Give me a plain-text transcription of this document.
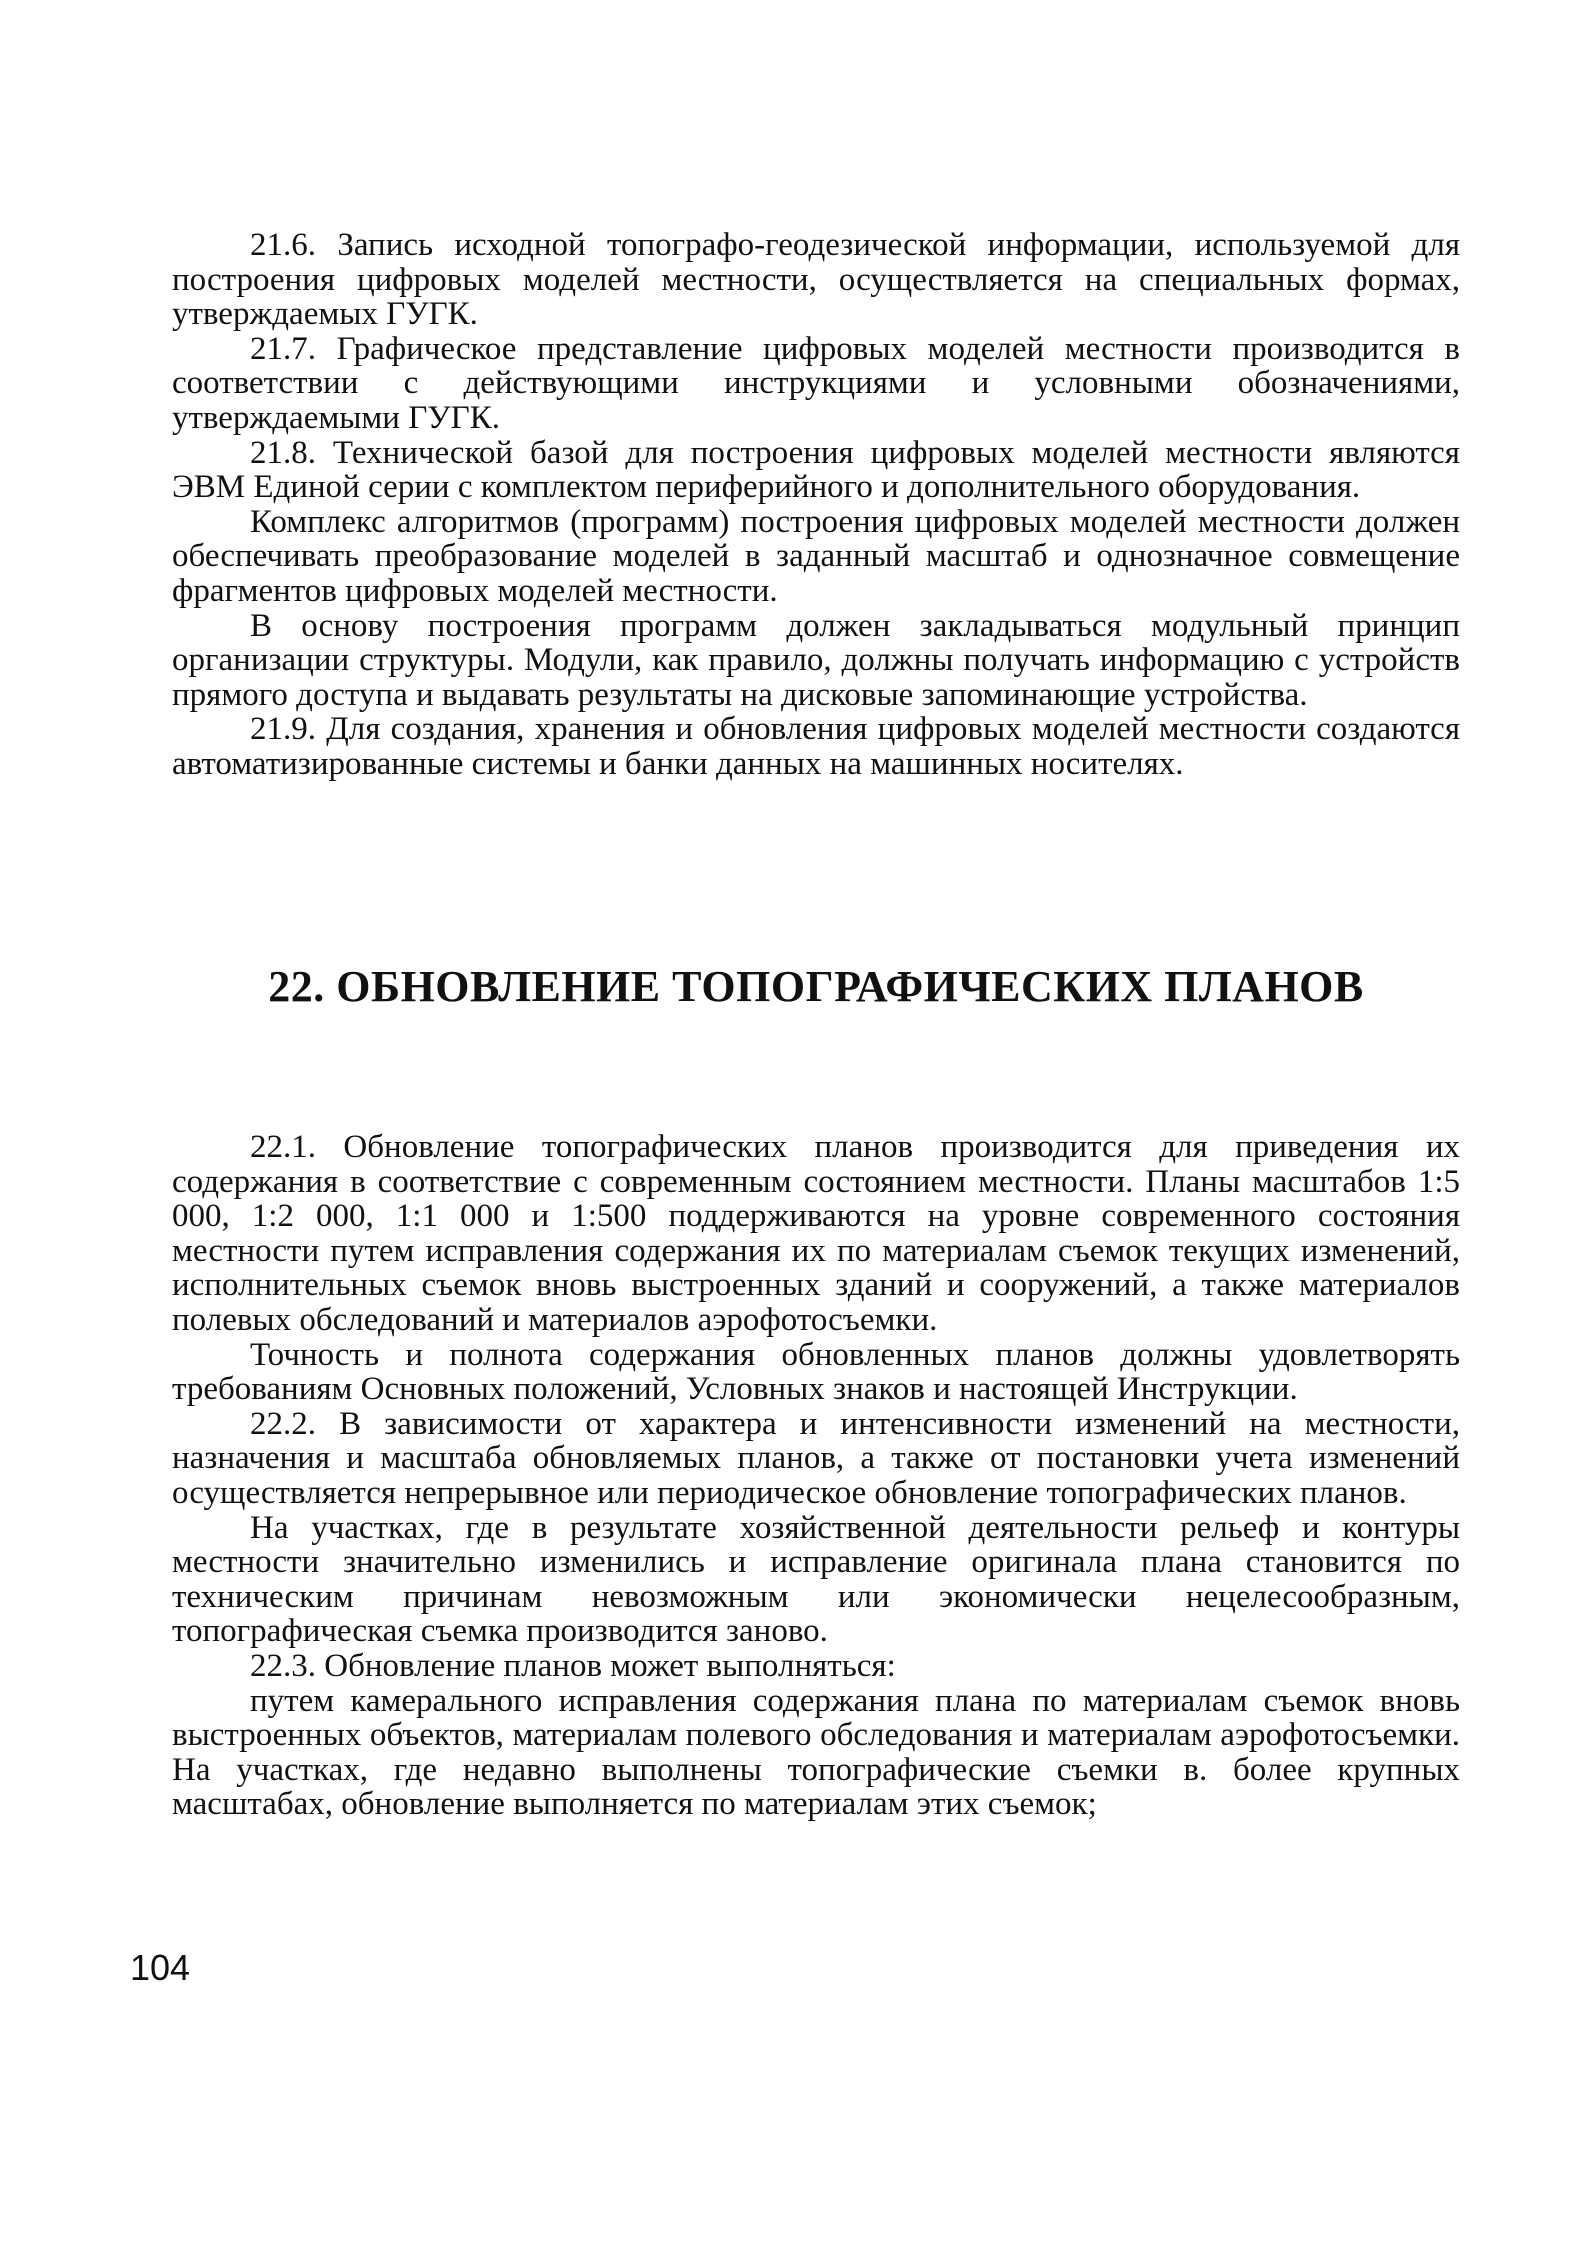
21.6. Запись исходной топографо-геодезической информации, используемой для построения цифровых моделей местности, осуществляется на специальных формах, утверждаемых ГУГК.

21.7. Графическое представление цифровых моделей местности производится в соответствии с действующими инструкциями и условными обозначениями, утверждаемыми ГУГК.

21.8. Технической базой для построения цифровых моделей местности являются ЭВМ Единой серии с комплектом периферийного и дополнительного оборудования.

Комплекс алгоритмов (программ) построения цифровых моделей местности должен обеспечивать преобразование моделей в заданный масштаб и однозначное совмещение фрагментов цифровых моделей местности.

В основу построения программ должен закладываться модульный принцип организации структуры. Модули, как правило, должны получать информацию с устройств прямого доступа и выдавать результаты на дисковые запоминающие устройства.

21.9. Для создания, хранения и обновления цифровых моделей местности создаются автоматизированные системы и банки данных на машинных носителях.

22. ОБНОВЛЕНИЕ ТОПОГРАФИЧЕСКИХ ПЛАНОВ

22.1. Обновление топографических планов производится для приведения их содержания в соответствие с современным состоянием местности. Планы масштабов 1:5 000, 1:2 000, 1:1 000 и 1:500 поддерживаются на уровне современного состояния местности путем исправления содержания их по материалам съемок текущих изменений, исполнительных съемок вновь выстроенных зданий и сооружений, а также материалов полевых обследований и материалов аэрофотосъемки.

Точность и полнота содержания обновленных планов должны удовлетворять требованиям Основных положений, Условных знаков и настоящей Инструкции.

22.2. В зависимости от характера и интенсивности изменений на местности, назначения и масштаба обновляемых планов, а также от постановки учета изменений осуществляется непрерывное или периодическое обновление топографических планов.

На участках, где в результате хозяйственной деятельности рельеф и контуры местности значительно изменились и исправление оригинала плана становится по техническим причинам невозможным или экономически нецелесообразным, топографическая съемка производится заново.

22.3. Обновление планов может выполняться:

путем камерального исправления содержания плана по материалам съемок вновь выстроенных объектов, материалам полевого обследования и материалам аэрофотосъемки. На участках, где недавно выполнены топографические съемки в. более крупных масштабах, обновление выполняется по материалам этих съемок;

104
